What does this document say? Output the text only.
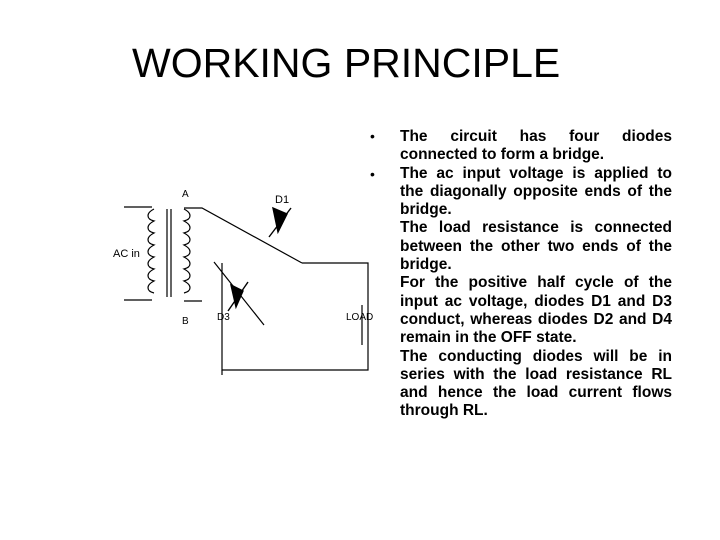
WORKING PRINCIPLE
AC in
A
B
D1
D3	LOAD
•
•
The circuit has four diodes connected to form a bridge.
The ac input voltage is applied to the diagonally opposite ends of the bridge.
The load resistance is connected between the other two ends of the bridge.
For the positive half cycle of the input ac voltage, diodes D1 and D3 conduct, whereas diodes D2 and D4 remain in the OFF state.
The conducting diodes will be in series with the load resistance RL and hence the load current flows through RL.
